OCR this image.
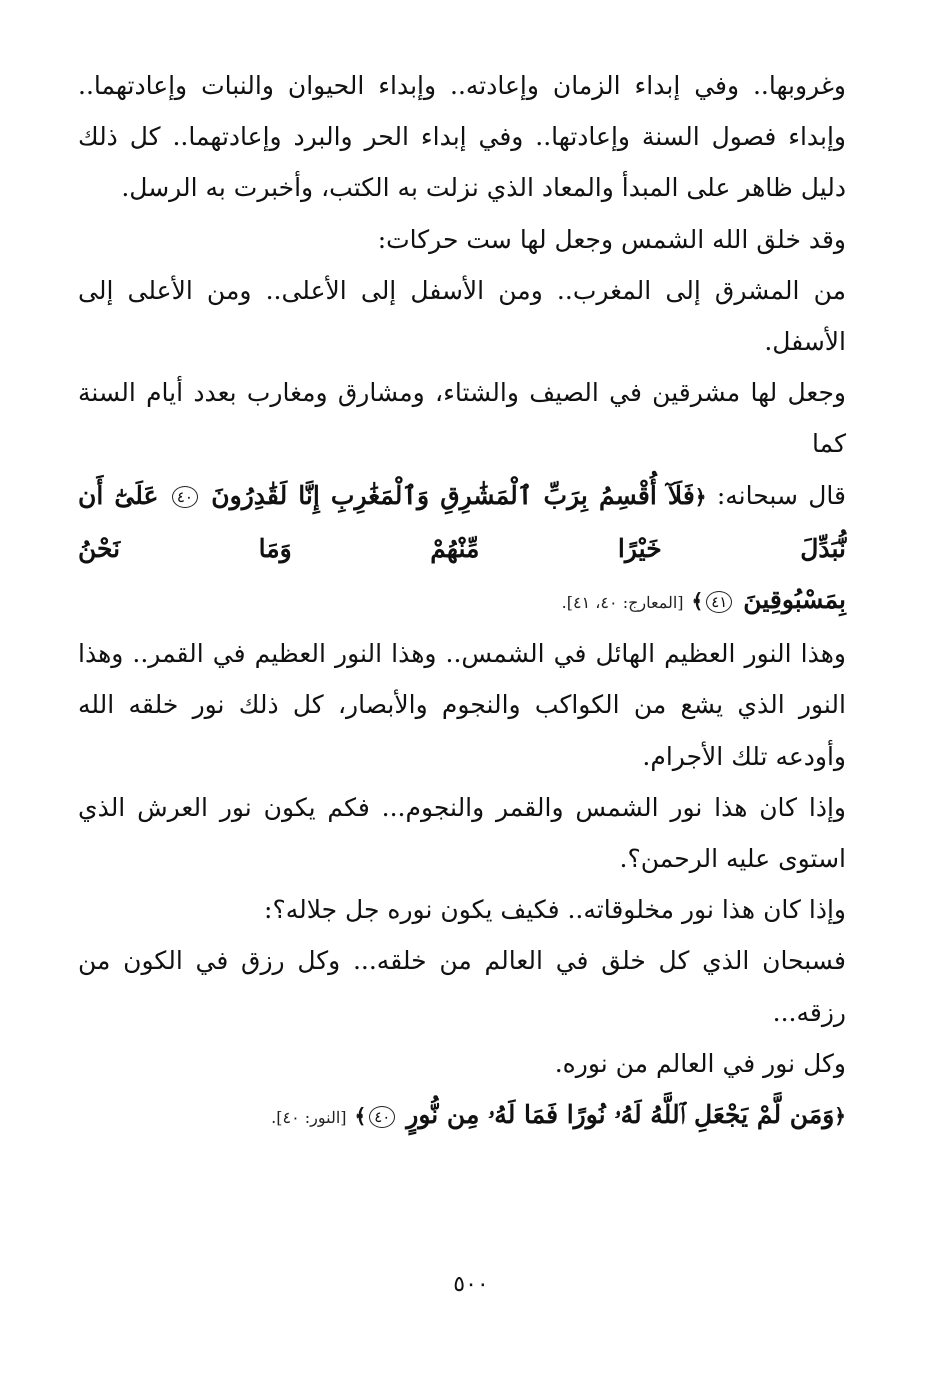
وغروبها.. وفي إبداء الزمان وإعادته.. وإبداء الحيوان والنبات وإعادتهما..
وإبداء فصول السنة وإعادتها.. وفي إبداء الحر والبرد وإعادتهما.. كل ذلك
دليل ظاهر على المبدأ والمعاد الذي نزلت به الكتب، وأخبرت به الرسل.
وقد خلق الله الشمس وجعل لها ست حركات:
من المشرق إلى المغرب.. ومن الأسفل إلى الأعلى.. ومن الأعلى إلى
الأسفل.
وجعل لها مشرقين في الصيف والشتاء، ومشارق ومغارب بعدد أيام السنة كما
قال سبحانه: ﴿فَلَآ أُقْسِمُ بِرَبِّ ٱلْمَشَٰرِقِ وَٱلْمَغَٰرِبِ إِنَّا لَقَٰدِرُونَ ٤٠ عَلَىٰٓ أَن نُّبَدِّلَ خَيْرًا مِّنْهُمْ وَمَا نَحْنُ
بِمَسْبُوقِينَ ٤١﴾ [المعارج: ٤٠، ٤١].
وهذا النور العظيم الهائل في الشمس.. وهذا النور العظيم في القمر.. وهذا
النور الذي يشع من الكواكب والنجوم والأبصار، كل ذلك نور خلقه الله
وأودعه تلك الأجرام.
وإذا كان هذا نور الشمس والقمر والنجوم... فكم يكون نور العرش الذي
استوى عليه الرحمن؟.
وإذا كان هذا نور مخلوقاته.. فكيف يكون نوره جل جلاله؟:
فسبحان الذي كل خلق في العالم من خلقه... وكل رزق في الكون من رزقه...
وكل نور في العالم من نوره.
﴿وَمَن لَّمْ يَجْعَلِ ٱللَّهُ لَهُۥ نُورًا فَمَا لَهُۥ مِن نُّورٍ ٤٠﴾ [النور: ٤٠].
٥٠٠
